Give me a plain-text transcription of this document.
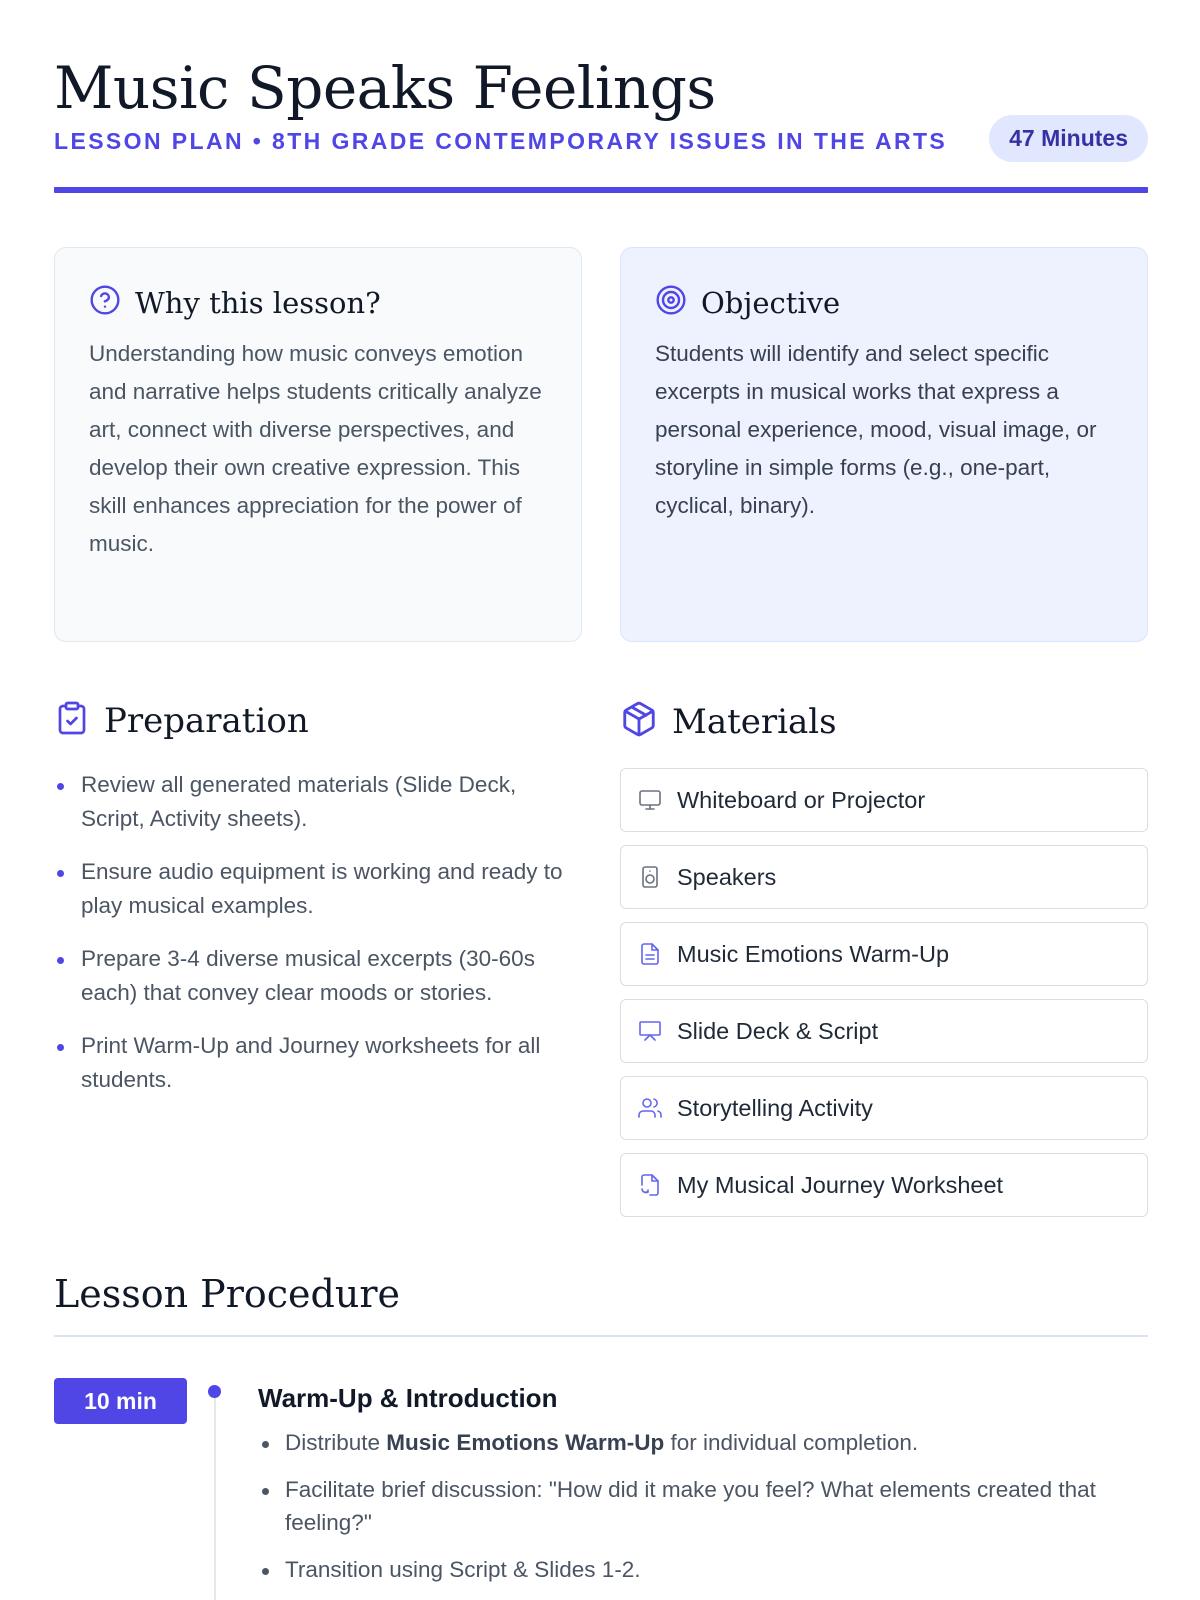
Music Speaks Feelings
LESSON PLAN • 8TH GRADE CONTEMPORARY ISSUES IN THE ARTS	47 Minutes
Why this lesson?

Understanding how music conveys emotion and narrative helps students critically analyze art, connect with diverse perspectives, and develop their own creative expression. This skill enhances appreciation for the power of music.

Objective

Students will identify and select specific excerpts in musical works that express a personal experience, mood, visual image, or storyline in simple forms (e.g., one-part, cyclical, binary).

Preparation
Review all generated materials (Slide Deck, Script, Activity sheets).
Ensure audio equipment is working and ready to play musical examples.
Prepare 3-4 diverse musical excerpts (30-60s each) that convey clear moods or stories.
Print Warm-Up and Journey worksheets for all students.
Materials
Whiteboard or Projector
Speakers
Music Emotions Warm-Up
Slide Deck & Script
Storytelling Activity
My Musical Journey Worksheet
Lesson Procedure
10 min	Warm-Up & Introduction
Distribute Music Emotions Warm-Up for individual completion.
Facilitate brief discussion: "How did it make you feel? What elements created that feeling?"
Transition using Script & Slides 1-2.
